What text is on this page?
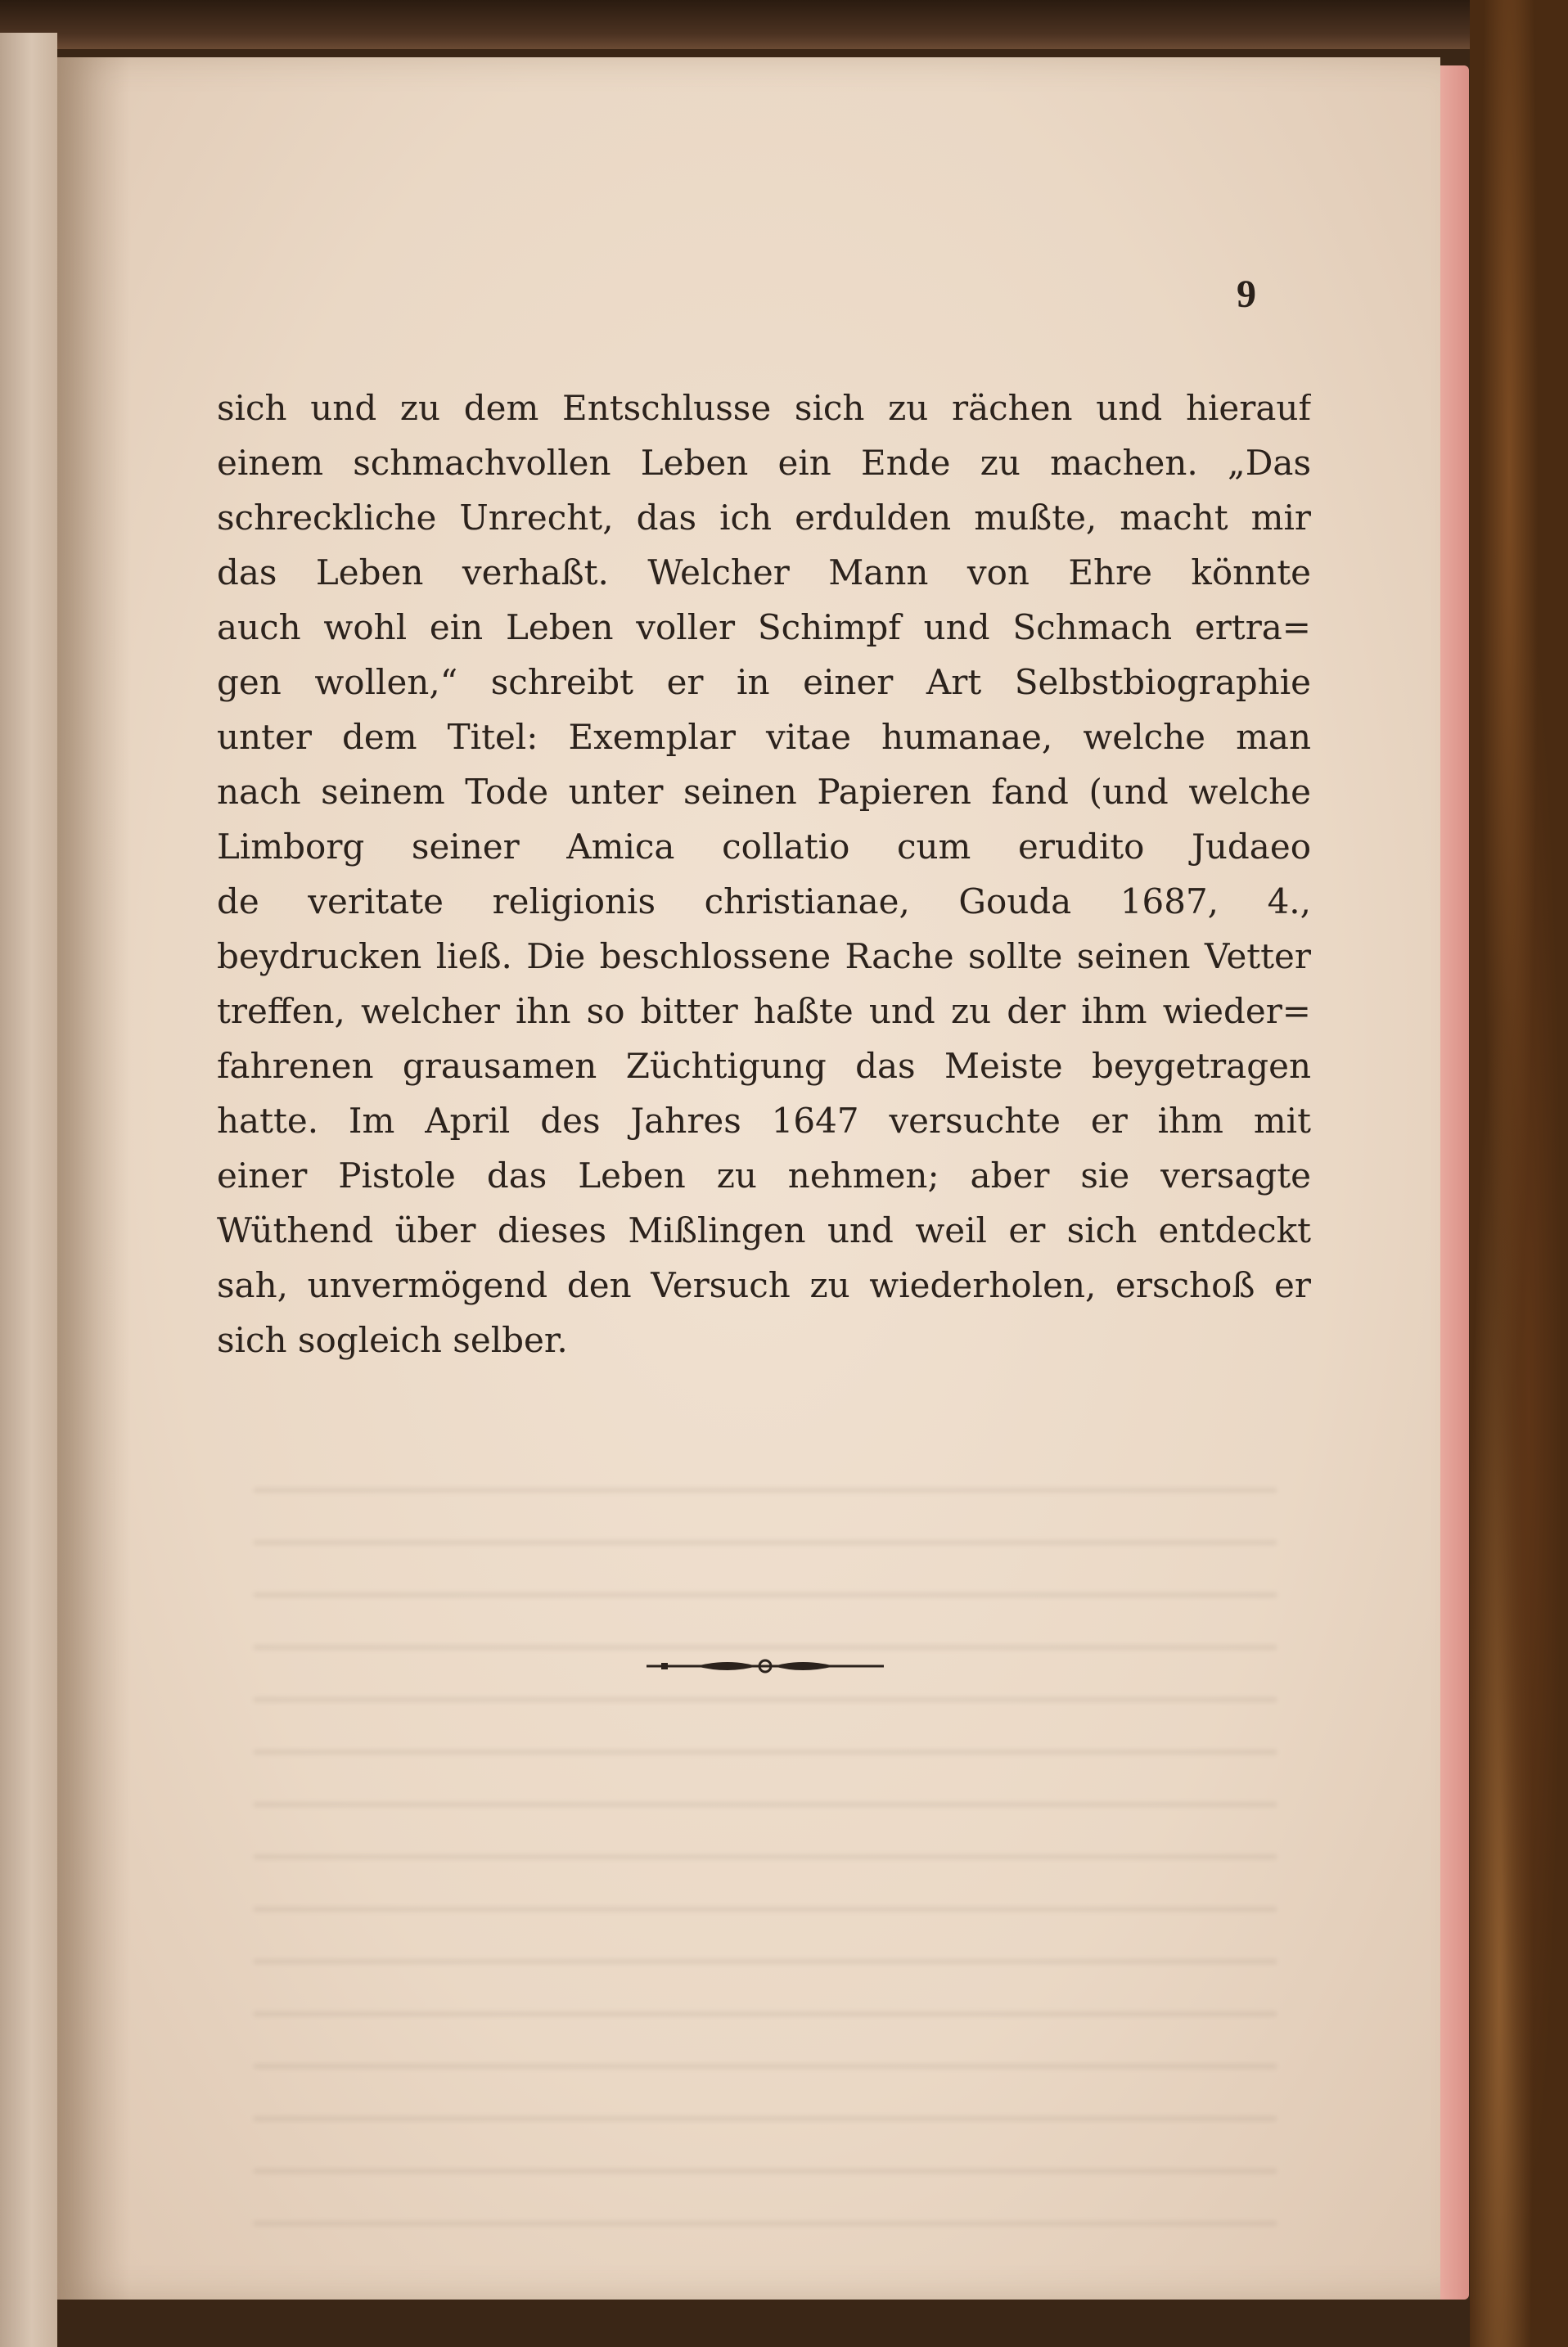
9
sich und zu dem Entschlusse sich zu rächen und hierauf
einem schmachvollen Leben ein Ende zu machen. „Das
schreckliche Unrecht, das ich erdulden mußte, macht mir
das Leben verhaßt. Welcher Mann von Ehre könnte
auch wohl ein Leben voller Schimpf und Schmach ertra=
gen wollen,“ schreibt er in einer Art Selbstbiographie
unter dem Titel: Exemplar vitae humanae, welche man
nach seinem Tode unter seinen Papieren fand (und welche
Limborg seiner Amica collatio cum erudito Judaeo
de veritate religionis christianae, Gouda 1687, 4.,
beydrucken ließ. Die beschlossene Rache sollte seinen Vetter
treffen, welcher ihn so bitter haßte und zu der ihm wieder=
fahrenen grausamen Züchtigung das Meiste beygetragen
hatte. Im April des Jahres 1647 versuchte er ihm mit
einer Pistole das Leben zu nehmen; aber sie versagte
Wüthend über dieses Mißlingen und weil er sich entdeckt
sah, unvermögend den Versuch zu wiederholen, erschoß er
sich sogleich selber.
